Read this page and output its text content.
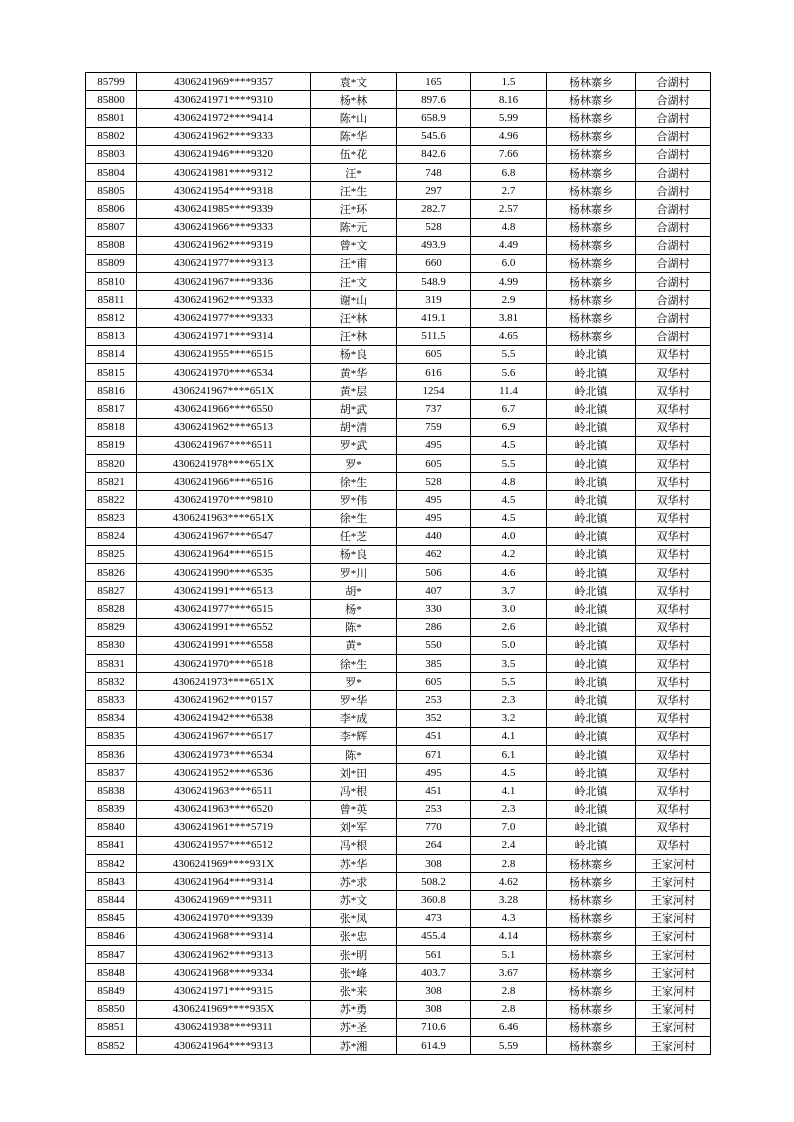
85799	4306241969****9357	袁*文	165	1.5	杨林寨乡	合湖村
85800	4306241971****9310	杨*林	897.6	8.16	杨林寨乡	合湖村
85801	4306241972****9414	陈*山	658.9	5.99	杨林寨乡	合湖村
85802	4306241962****9333	陈*华	545.6	4.96	杨林寨乡	合湖村
85803	4306241946****9320	伍*花	842.6	7.66	杨林寨乡	合湖村
85804	4306241981****9312	汪*	748	6.8	杨林寨乡	合湖村
85805	4306241954****9318	汪*生	297	2.7	杨林寨乡	合湖村
85806	4306241985****9339	汪*环	282.7	2.57	杨林寨乡	合湖村
85807	4306241966****9333	陈*元	528	4.8	杨林寨乡	合湖村
85808	4306241962****9319	曾*文	493.9	4.49	杨林寨乡	合湖村
85809	4306241977****9313	汪*甫	660	6.0	杨林寨乡	合湖村
85810	4306241967****9336	汪*文	548.9	4.99	杨林寨乡	合湖村
85811	4306241962****9333	谢*山	319	2.9	杨林寨乡	合湖村
85812	4306241977****9333	汪*林	419.1	3.81	杨林寨乡	合湖村
85813	4306241971****9314	汪*林	511.5	4.65	杨林寨乡	合湖村
85814	4306241955****6515	杨*良	605	5.5	岭北镇	双华村
85815	4306241970****6534	黄*华	616	5.6	岭北镇	双华村
85816	4306241967****651X	黄*层	1254	11.4	岭北镇	双华村
85817	4306241966****6550	胡*武	737	6.7	岭北镇	双华村
85818	4306241962****6513	胡*清	759	6.9	岭北镇	双华村
85819	4306241967****6511	罗*武	495	4.5	岭北镇	双华村
85820	4306241978****651X	罗*	605	5.5	岭北镇	双华村
85821	4306241966****6516	徐*生	528	4.8	岭北镇	双华村
85822	4306241970****9810	罗*伟	495	4.5	岭北镇	双华村
85823	4306241963****651X	徐*生	495	4.5	岭北镇	双华村
85824	4306241967****6547	任*芝	440	4.0	岭北镇	双华村
85825	4306241964****6515	杨*良	462	4.2	岭北镇	双华村
85826	4306241990****6535	罗*川	506	4.6	岭北镇	双华村
85827	4306241991****6513	胡*	407	3.7	岭北镇	双华村
85828	4306241977****6515	杨*	330	3.0	岭北镇	双华村
85829	4306241991****6552	陈*	286	2.6	岭北镇	双华村
85830	4306241991****6558	黄*	550	5.0	岭北镇	双华村
85831	4306241970****6518	徐*生	385	3.5	岭北镇	双华村
85832	4306241973****651X	罗*	605	5.5	岭北镇	双华村
85833	4306241962****0157	罗*华	253	2.3	岭北镇	双华村
85834	4306241942****6538	李*成	352	3.2	岭北镇	双华村
85835	4306241967****6517	李*辉	451	4.1	岭北镇	双华村
85836	4306241973****6534	陈*	671	6.1	岭北镇	双华村
85837	4306241952****6536	刘*田	495	4.5	岭北镇	双华村
85838	4306241963****6511	冯*根	451	4.1	岭北镇	双华村
85839	4306241963****6520	曾*英	253	2.3	岭北镇	双华村
85840	4306241961****5719	刘*军	770	7.0	岭北镇	双华村
85841	4306241957****6512	冯*根	264	2.4	岭北镇	双华村
85842	4306241969****931X	苏*华	308	2.8	杨林寨乡	王家河村
85843	4306241964****9314	苏*求	508.2	4.62	杨林寨乡	王家河村
85844	4306241969****9311	苏*文	360.8	3.28	杨林寨乡	王家河村
85845	4306241970****9339	张*凤	473	4.3	杨林寨乡	王家河村
85846	4306241968****9314	张*忠	455.4	4.14	杨林寨乡	王家河村
85847	4306241962****9313	张*明	561	5.1	杨林寨乡	王家河村
85848	4306241968****9334	张*峰	403.7	3.67	杨林寨乡	王家河村
85849	4306241971****9315	张*来	308	2.8	杨林寨乡	王家河村
85850	4306241969****935X	苏*勇	308	2.8	杨林寨乡	王家河村
85851	4306241938****9311	苏*圣	710.6	6.46	杨林寨乡	王家河村
85852	4306241964****9313	苏*湘	614.9	5.59	杨林寨乡	王家河村
